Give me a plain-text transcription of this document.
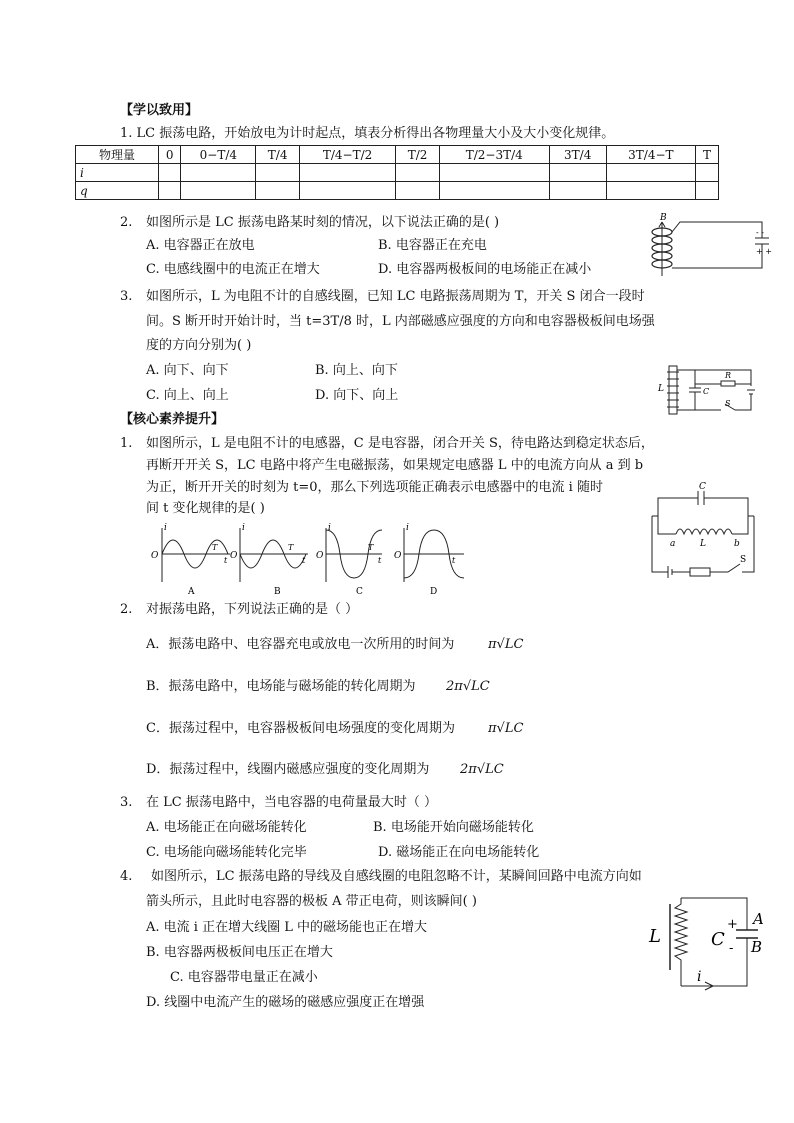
【学以致用】
1. LC 振荡电路，开始放电为计时起点，填表分析得出各物理量大小及大小变化规律。
物理量	0	0−T/4	T/4	T/4−T/2	T/2	T/2−3T/4	3T/4	3T/4−T	T
i									
q									
2. 如图所示是 LC 振荡电路某时刻的情况，以下说法正确的是( )
A. 电容器正在放电	B. 电容器正在充电
C. 电感线圈中的电流正在增大	D. 电容器两极板间的电场能正在减小
B
+ +
- -
3. 如图所示，L 为电阻不计的自感线圈，已知 LC 电路振荡周期为 T，开关 S 闭合一段时
间。S 断开时开始计时，当 t=3T/8 时，L 内部磁感应强度的方向和电容器极板间电场强
度的方向分别为( )
A. 向下、向下	B. 向上、向下
C. 向上、向上	D. 向下、向上	L	C
R
S
【核心素养提升】
1. 如图所示，L 是电阻不计的电感器，C 是电容器，闭合开关 S，待电路达到稳定状态后，
再断开开关 S，LC 电路中将产生电磁振荡，如果规定电感器 L 中的电流方向从 a 到 b
为正，断开开关的时刻为 t=0，那么下列选项能正确表示电感器中的电流 i 随时
间 t 变化规律的是( )
i
O
T
t
A
i
O
T
t
B
i
O
T
t
C
i
O	t
D
C
a	L	b
S
2. 对振荡电路，下列说法正确的是（ ）
A．振荡电路中、电容器充电或放电一次所用的时间为	π√LC
B．振荡电路中，电场能与磁场能的转化周期为 2π√LC
C．振荡过程中，电容器极板间电场强度的变化周期为	π√LC
D．振荡过程中，线圈内磁感应强度的变化周期为 2π√LC
3. 在 LC 振荡电路中，当电容器的电荷量最大时（ ）
A. 电场能正在向磁场能转化	B. 电场能开始向磁场能转化
C. 电场能向磁场能转化完毕	D. 磁场能正在向电场能转化
4. 如图所示，LC 振荡电路的导线及自感线圈的电阻忽略不计，某瞬间回路中电流方向如
箭头所示，且此时电容器的极板 A 带正电荷，则该瞬间( )
A. 电流 i 正在增大线圈 L 中的磁场能也正在增大
B. 电容器两极板间电压正在增大
C. 电容器带电量正在减小
D. 线圈中电流产生的磁场的磁感应强度正在增强
L	C
+
-
A
B
i
